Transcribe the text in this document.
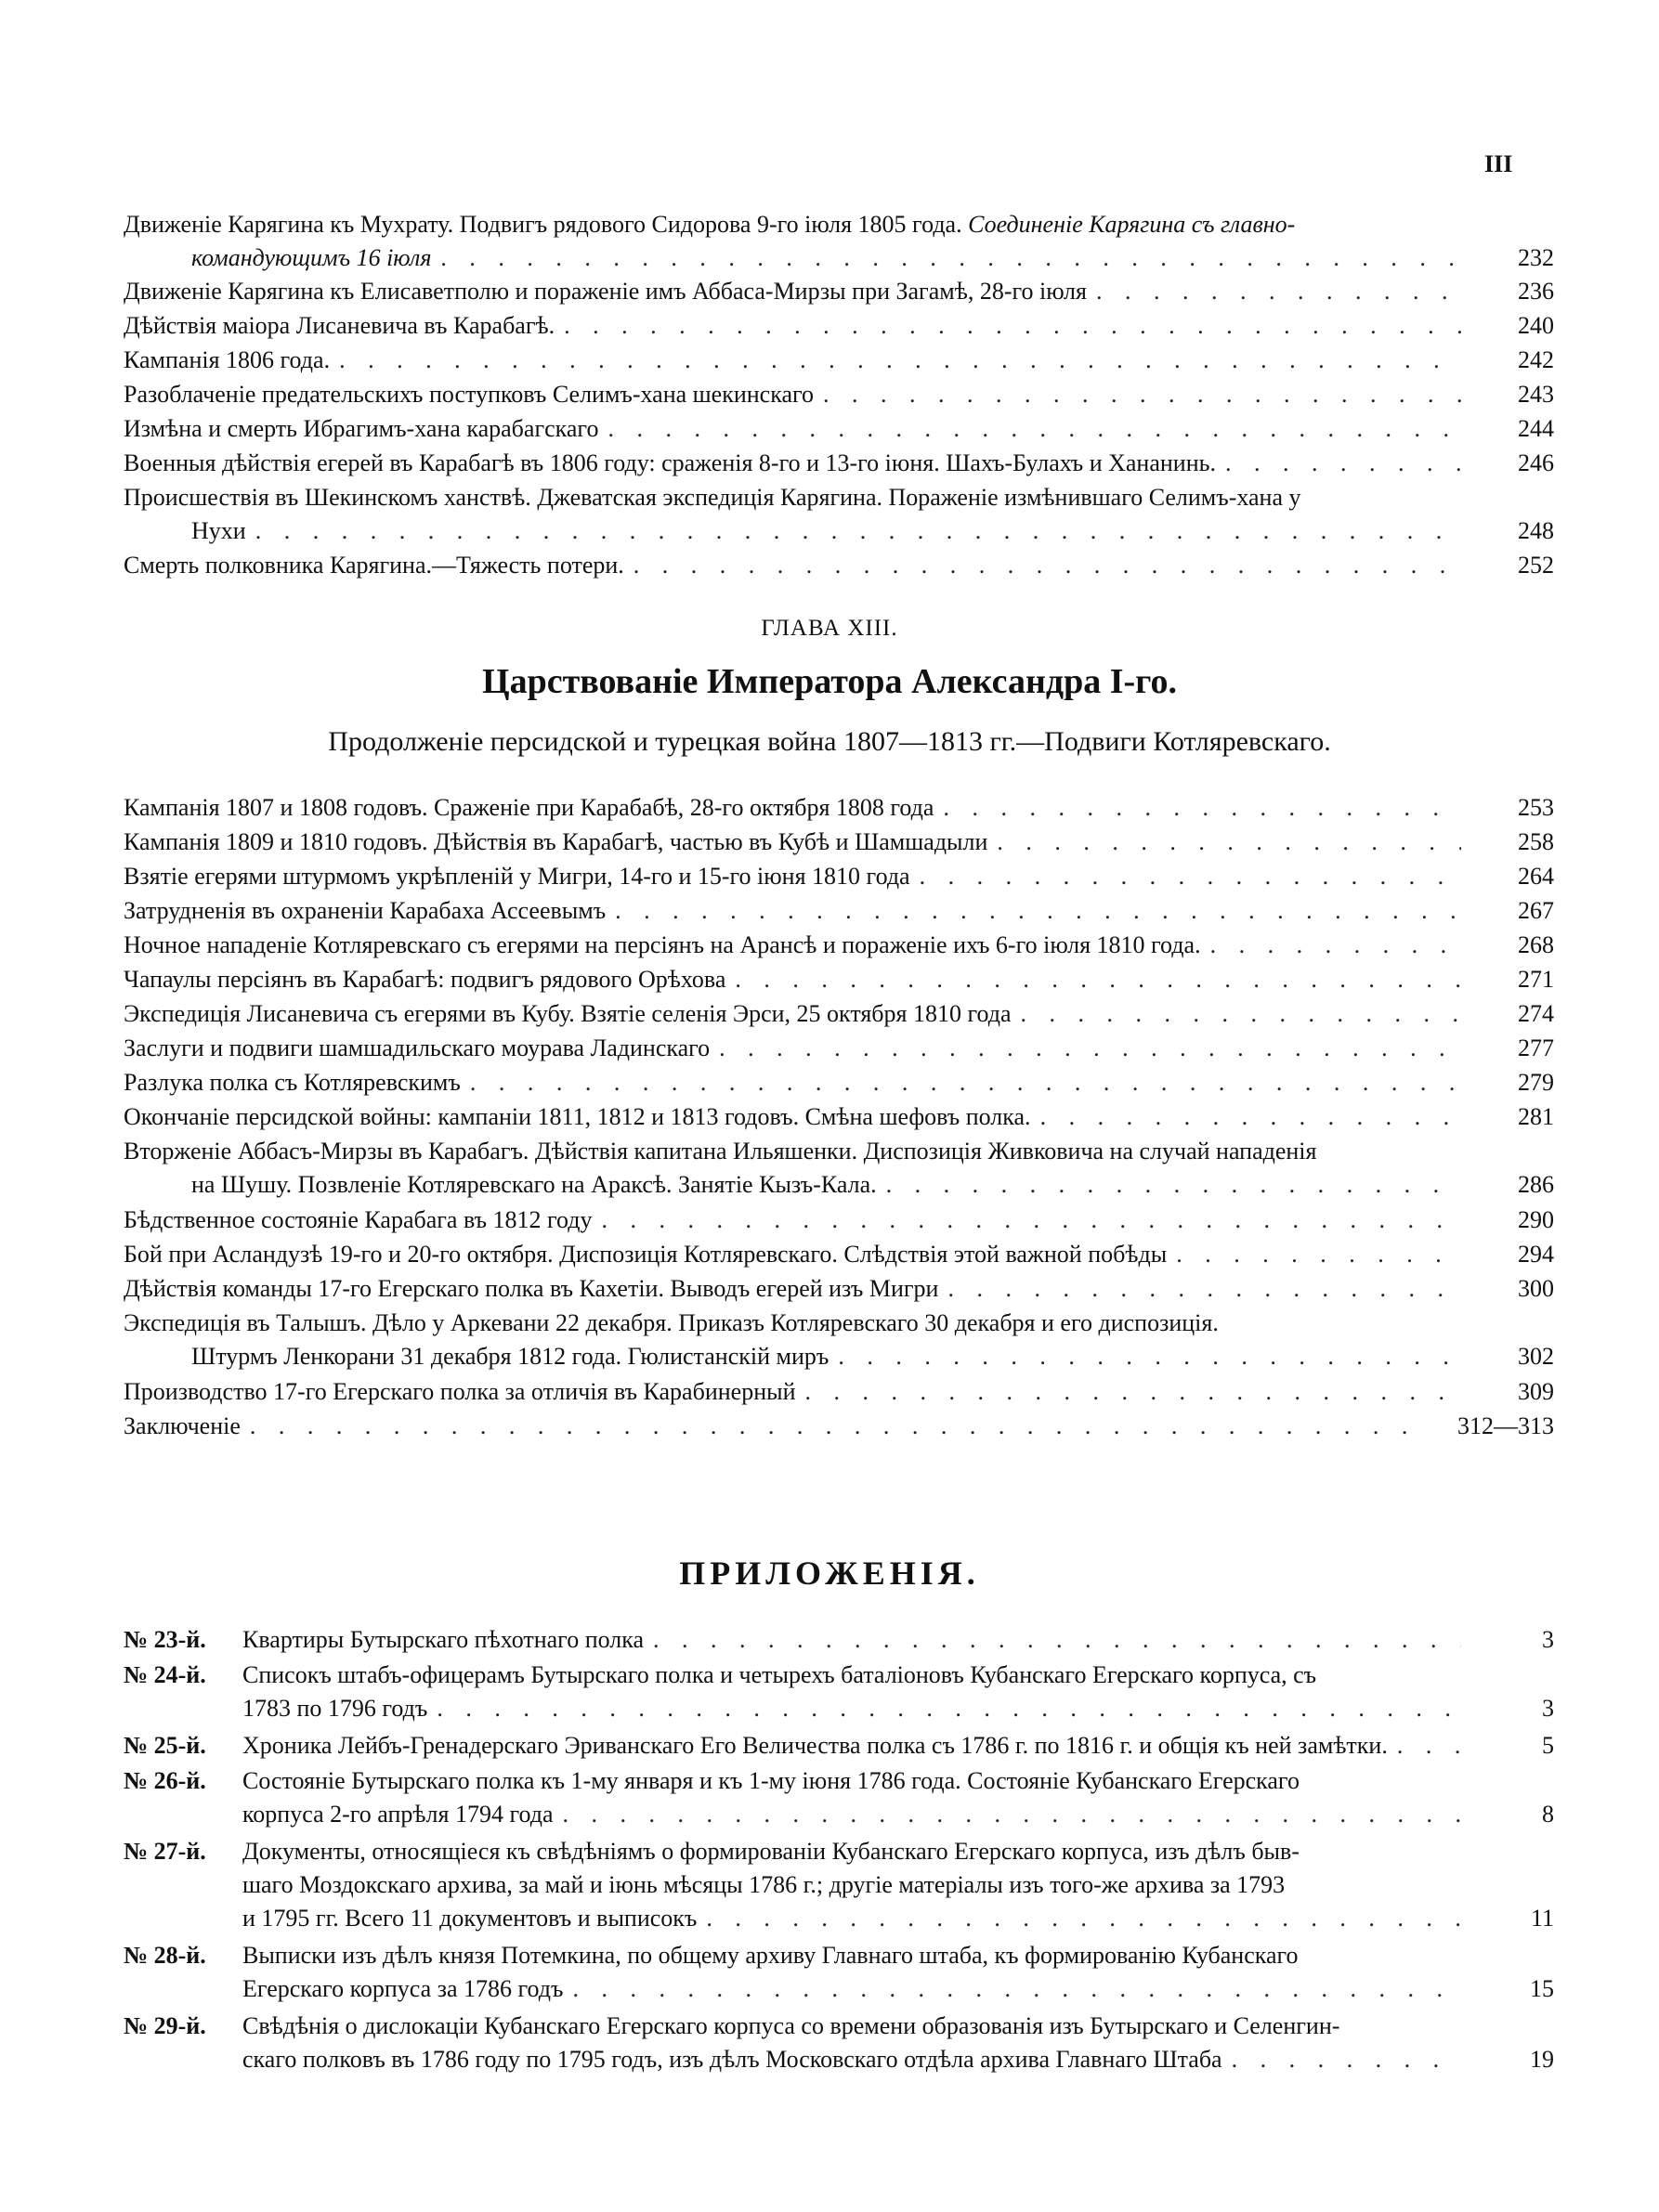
III
Движеніе Карягина къ Мухрату. Подвигъ рядового Сидорова 9-го іюля 1805 года. Соединеніе Карягина съ главно-
командующимъ 16 іюля . . .	232
Движеніе Карягина къ Елисаветполю и пораженіе имъ Аббаса-Мирзы при Загамѣ, 28-го іюля . . .	236
Дѣйствія маіора Лисаневича въ Карабагѣ. . . .	240
Кампанія 1806 года. . . .	242
Разоблаченіе предательскихъ поступковъ Селимъ-хана шекинскаго . . .	243
Измѣна и смерть Ибрагимъ-хана карабагскаго . . .	244
Военныя дѣйствія егерей въ Карабагѣ въ 1806 году: сраженія 8-го и 13-го іюня. Шахъ-Булахъ и Хананинь. . . .	246
Происшествія въ Шекинскомъ ханствѣ. Джеватская экспедиція Карягина. Пораженіе измѣнившаго Селимъ-хана у
Нухи . . .	248
Смерть полковника Карягина.—Тяжесть потери. . . .	252
ГЛАВА XIII.
Царствованіе Императора Александра I-го.
Продолженіе персидской и турецкая война 1807—1813 гг.—Подвиги Котляревскаго.
Кампанія 1807 и 1808 годовъ. Сраженіе при Карабабѣ, 28-го октября 1808 года . . .	253
Кампанія 1809 и 1810 годовъ. Дѣйствія въ Карабагѣ, частью въ Кубѣ и Шамшадыли . . .	258
Взятіе егерями штурмомъ укрѣпленій у Мигри, 14-го и 15-го іюня 1810 года . . .	264
Затрудненія въ охраненіи Карабаха Ассеевымъ . . .	267
Ночное нападеніе Котляревскаго съ егерями на персіянъ на Арансѣ и пораженіе ихъ 6-го іюля 1810 года. . . .	268
Чапаулы персіянъ въ Карабагѣ: подвигъ рядового Орѣхова . . .	271
Экспедиція Лисаневича съ егерями въ Кубу. Взятіе селенія Эрси, 25 октября 1810 года . . .	274
Заслуги и подвиги шамшадильскаго моурава Ладинскаго . . .	277
Разлука полка съ Котляревскимъ . . .	279
Окончаніе персидской войны: кампаніи 1811, 1812 и 1813 годовъ. Смѣна шефовъ полка. . . .	281
Вторженіе Аббасъ-Мирзы въ Карабагъ. Дѣйствія капитана Ильяшенки. Диспозиція Живковича на случай нападенія
на Шушу. Позвленіе Котляревскаго на Араксѣ. Занятіе Кызъ-Кала. . . .	286
Бѣдственное состояніе Карабага въ 1812 году . . .	290
Бой при Асландузѣ 19-го и 20-го октября. Диспозиція Котляревскаго. Слѣдствія этой важной побѣды . . .	294
Дѣйствія команды 17-го Егерскаго полка въ Кахетіи. Выводъ егерей изъ Мигри . . .	300
Экспедиція въ Талышъ. Дѣло у Аркевани 22 декабря. Приказъ Котляревскаго 30 декабря и его диспозиція.
Штурмъ Ленкорани 31 декабря 1812 года. Гюлистанскій миръ . . .	302
Производство 17-го Егерскаго полка за отличія въ Карабинерный . . .	309
Заключеніе . . .	312—313
ПРИЛОЖЕНІЯ.
№ 23-й.	Квартиры Бутырскаго пѣхотнаго полка . . .	3
№ 24-й.	Списокъ штабъ-офицерамъ Бутырскаго полка и четырехъ баталіоновъ Кубанскаго Егерскаго корпуса, съ
1783 по 1796 годъ . . .	3
№ 25-й.	Хроника Лейбъ-Гренадерскаго Эриванскаго Его Величества полка съ 1786 г. по 1816 г. и общія къ ней замѣтки. . . .	5
№ 26-й.	Состояніе Бутырскаго полка къ 1-му января и къ 1-му іюня 1786 года. Состояніе Кубанскаго Егерскаго
корпуса 2-го апрѣля 1794 года . . .	8
№ 27-й.	Документы, относящіеся къ свѣдѣніямъ о формированіи Кубанскаго Егерскаго корпуса, изъ дѣлъ быв-
шаго Моздокскаго архива, за май и іюнь мѣсяцы 1786 г.; другіе матеріалы изъ того-же архива за 1793
и 1795 гг. Всего 11 документовъ и выписокъ . . .	11
№ 28-й.	Выписки изъ дѣлъ князя Потемкина, по общему архиву Главнаго штаба, къ формированію Кубанскаго
Егерскаго корпуса за 1786 годъ . . .	15
№ 29-й.	Свѣдѣнія о дислокаціи Кубанскаго Егерскаго корпуса со времени образованія изъ Бутырскаго и Селенгин-
скаго полковъ въ 1786 году по 1795 годъ, изъ дѣлъ Московскаго отдѣла архива Главнаго Штаба . . .	19
